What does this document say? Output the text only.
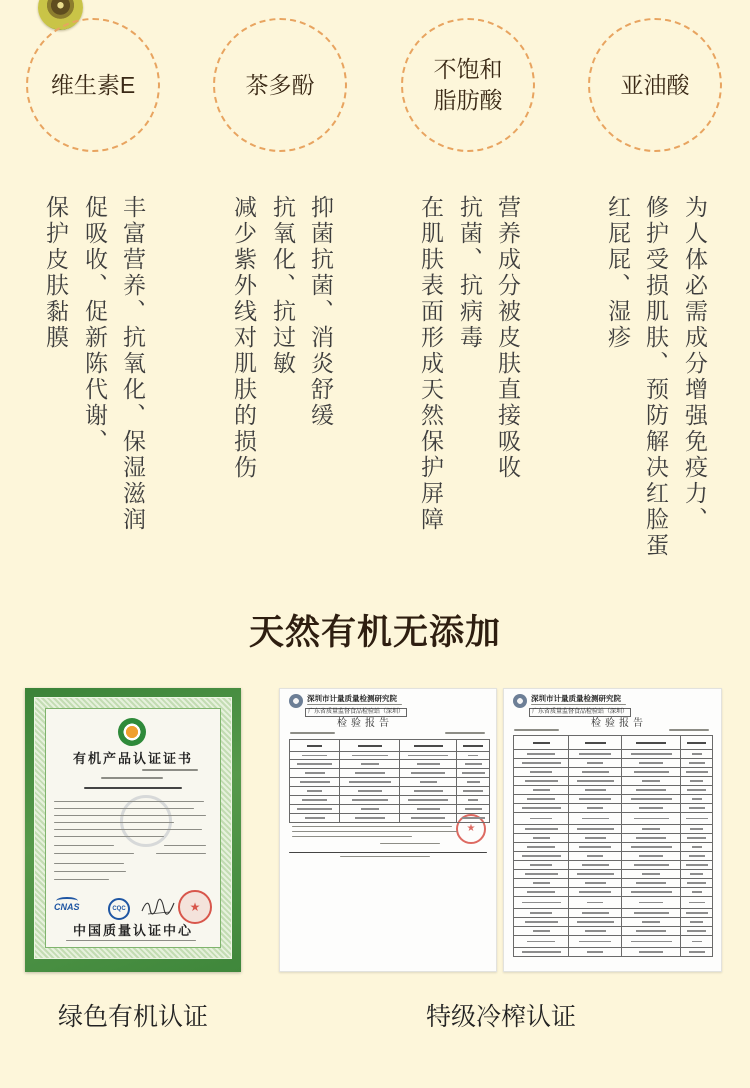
维生素E	茶多酚
不饱和
脂肪酸
亚油酸
丰富营养、抗氧化、保湿滋润
促吸收、促新陈代谢、
保护皮肤黏膜	抑菌抗菌、消炎舒缓
抗氧化、抗过敏
减少紫外线对肌肤的损伤	营养成分被皮肤直接吸收
抗菌、抗病毒
在肌肤表面形成天然保护屏障	为人体必需成分增强免疫力、
修护受损肌肤、预防解决红脸蛋
红屁屁、湿疹
天然有机无添加
有机产品认证证书
CNAS	CQC	★
中国质量认证中心
深圳市计量质量检测研究院
广东省质量监督食品检验站（深圳）
检验报告
★
深圳市计量质量检测研究院
广东省质量监督食品检验站（深圳）
检验报告
绿色有机认证	特级冷榨认证
